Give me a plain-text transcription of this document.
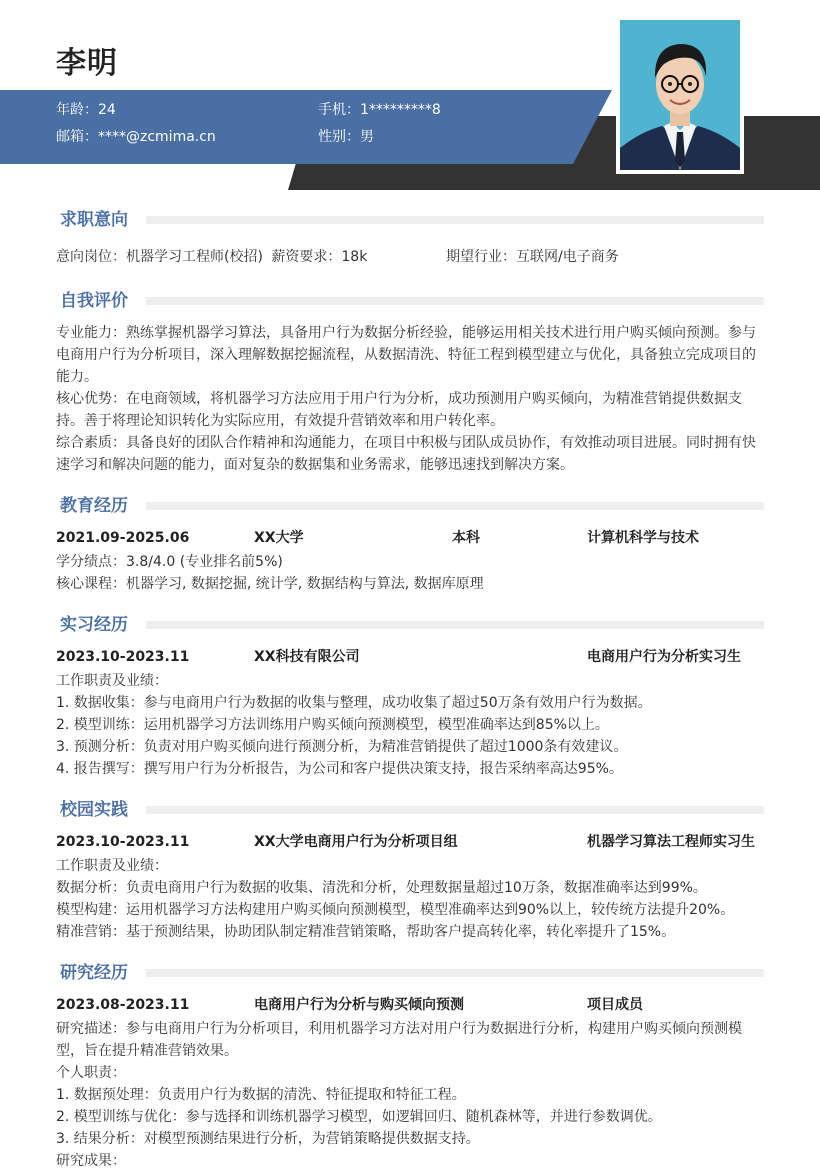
李明
年龄：24	手机：1*********8
邮箱：****@zcmima.cn	性别：男
求职意向
意向岗位：机器学习工程师(校招) 薪资要求：18k	期望行业：互联网/电子商务
自我评价
专业能力：熟练掌握机器学习算法，具备用户行为数据分析经验，能够运用相关技术进行用户购买倾向预测。参与
电商用户行为分析项目，深入理解数据挖掘流程，从数据清洗、特征工程到模型建立与优化，具备独立完成项目的
能力。
核心优势：在电商领域，将机器学习方法应用于用户行为分析，成功预测用户购买倾向，为精准营销提供数据支
持。善于将理论知识转化为实际应用，有效提升营销效率和用户转化率。
综合素质：具备良好的团队合作精神和沟通能力，在项目中积极与团队成员协作，有效推动项目进展。同时拥有快
速学习和解决问题的能力，面对复杂的数据集和业务需求，能够迅速找到解决方案。
教育经历
2021.09-2025.06	XX大学	本科	计算机科学与技术
学分绩点：3.8/4.0 (专业排名前5%)
核心课程：机器学习, 数据挖掘, 统计学, 数据结构与算法, 数据库原理
实习经历
2023.10-2023.11	XX科技有限公司	电商用户行为分析实习生
工作职责及业绩：
1. 数据收集：参与电商用户行为数据的收集与整理，成功收集了超过50万条有效用户行为数据。
2. 模型训练：运用机器学习方法训练用户购买倾向预测模型，模型准确率达到85%以上。
3. 预测分析：负责对用户购买倾向进行预测分析，为精准营销提供了超过1000条有效建议。
4. 报告撰写：撰写用户行为分析报告，为公司和客户提供决策支持，报告采纳率高达95%。
校园实践
2023.10-2023.11	XX大学电商用户行为分析项目组	机器学习算法工程师实习生
工作职责及业绩：
数据分析：负责电商用户行为数据的收集、清洗和分析，处理数据量超过10万条，数据准确率达到99%。
模型构建：运用机器学习方法构建用户购买倾向预测模型，模型准确率达到90%以上，较传统方法提升20%。
精准营销：基于预测结果，协助团队制定精准营销策略，帮助客户提高转化率，转化率提升了15%。
研究经历
2023.08-2023.11	电商用户行为分析与购买倾向预测	项目成员
研究描述：参与电商用户行为分析项目，利用机器学习方法对用户行为数据进行分析，构建用户购买倾向预测模
型，旨在提升精准营销效果。
个人职责：
1. 数据预处理：负责用户行为数据的清洗、特征提取和特征工程。
2. 模型训练与优化：参与选择和训练机器学习模型，如逻辑回归、随机森林等，并进行参数调优。
3. 结果分析：对模型预测结果进行分析，为营销策略提供数据支持。
研究成果：
